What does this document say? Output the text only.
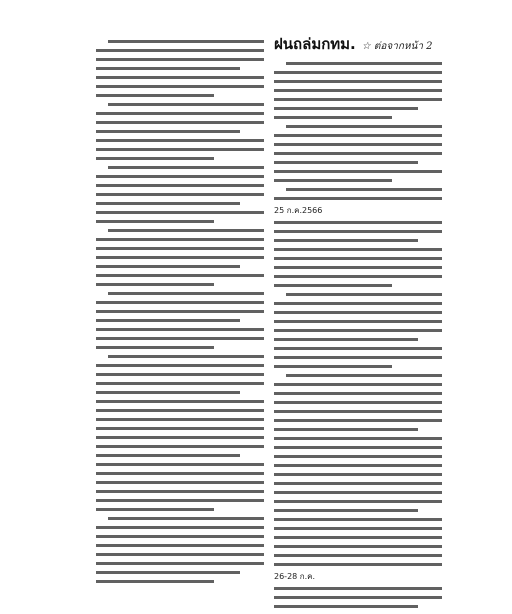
ฝนถล่มกทม. ☆ ต่อจากหน้า 2
25 ก.ค.2566
26-28 ก.ค.
